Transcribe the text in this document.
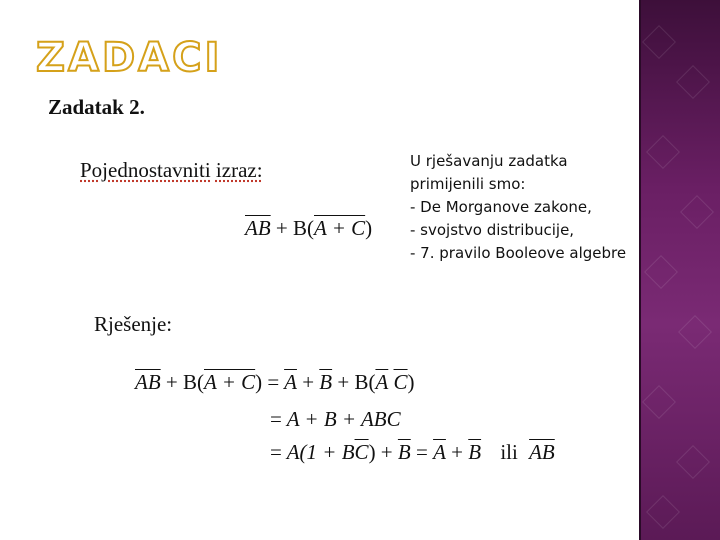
ZADACI
Zadatak 2.
Pojednostavniti izraz:
$\overline{AB} + B(A + C)$
Rješenje:
$\overline{AB} + B(A + C) = \overline{A} + \overline{B} + B(\overline{A}$ $\overline{C}$)
= A + B + ABC
= $A(1 + B\overline{C}) + \overline{B} = \overline{A} + \overline{B}$ ili $\overline{AB}$

U rješavanju zadatka

primijenili smo:

- De Morganove zakone,

- svojstvo distribucije,

- 7. pravilo Booleove algebre
